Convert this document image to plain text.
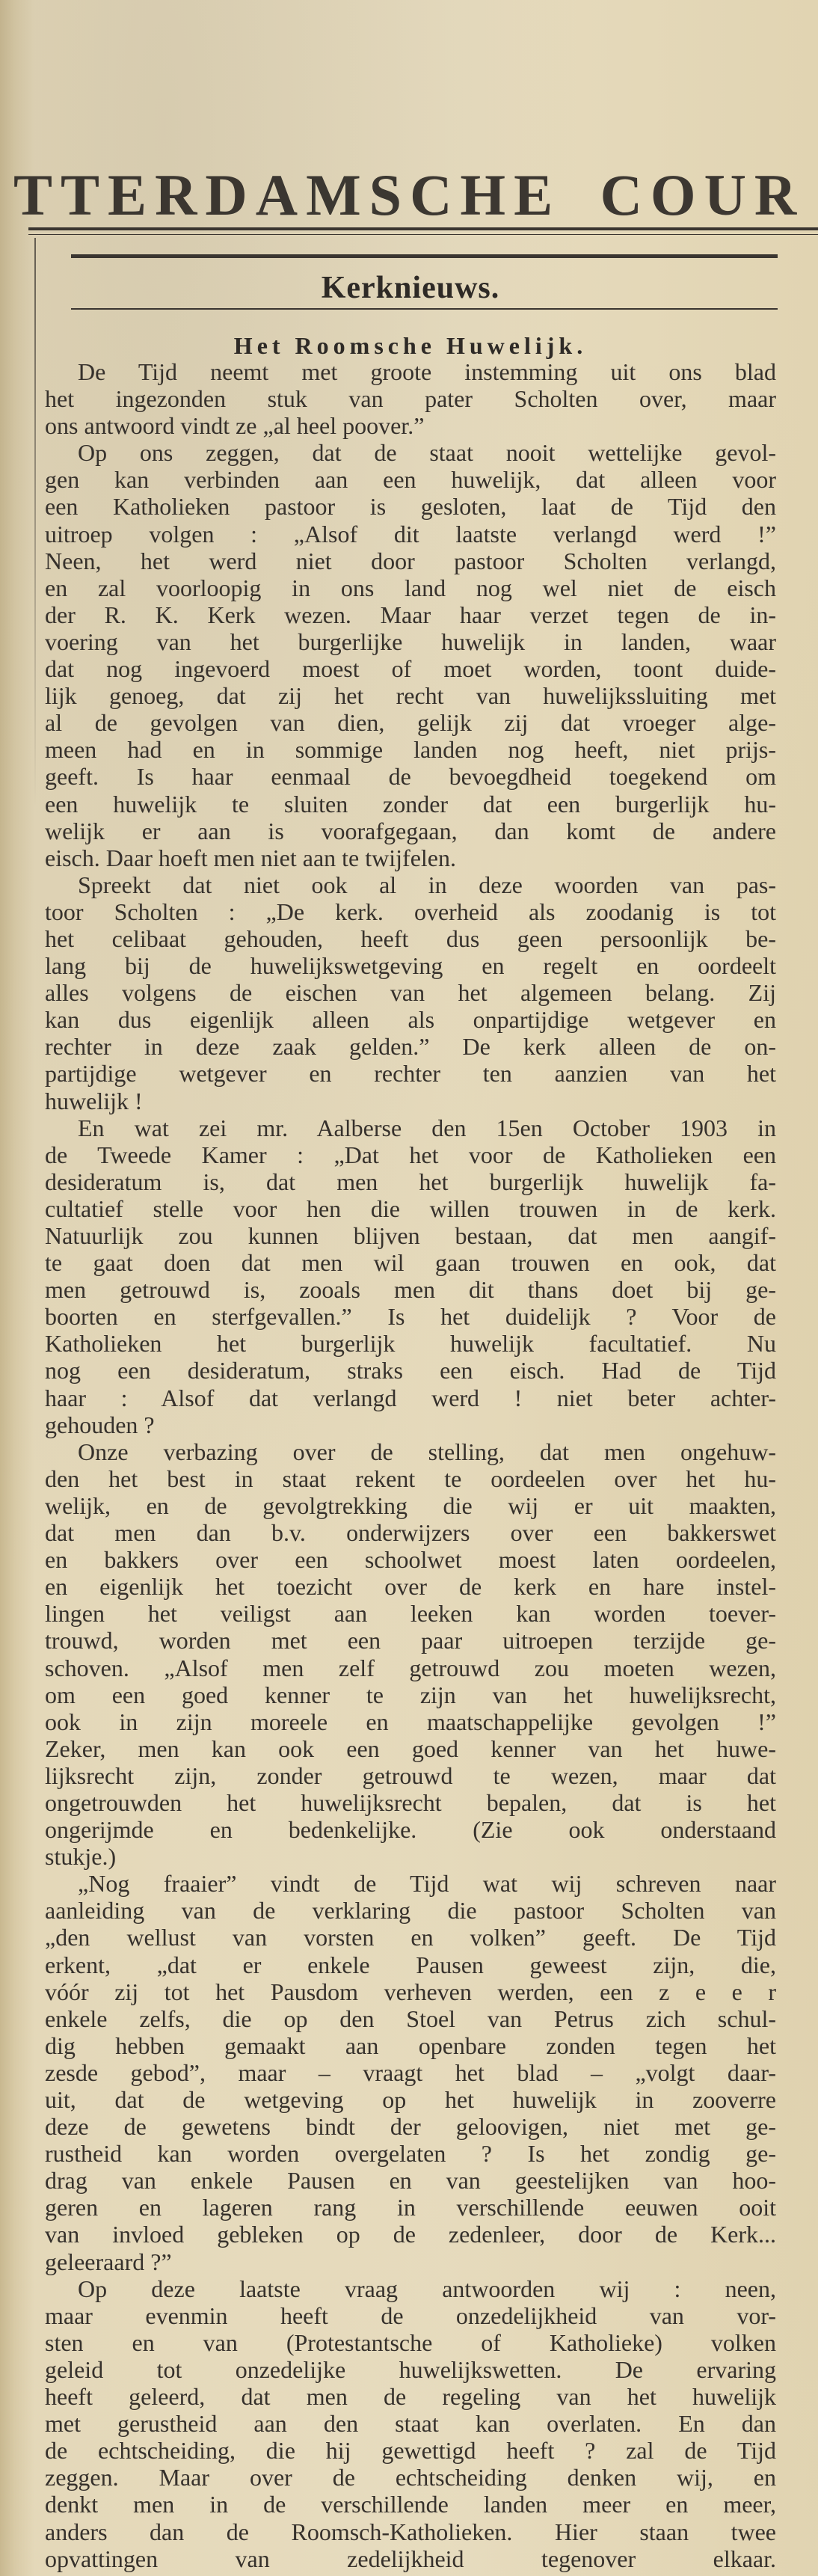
TTERDAMSCHE COUR
Kerknieuws.
Het Roomsche Huwelijk.
De Tijd neemt met groote instemming uit ons blad
het ingezonden stuk van pater Scholten over, maar
ons antwoord vindt ze „al heel poover.”
Op ons zeggen, dat de staat nooit wettelijke gevol-
gen kan verbinden aan een huwelijk, dat alleen voor
een Katholieken pastoor is gesloten, laat de Tijd den
uitroep volgen : „Alsof dit laatste verlangd werd !”
Neen, het werd niet door pastoor Scholten verlangd,
en zal voorloopig in ons land nog wel niet de eisch
der R. K. Kerk wezen. Maar haar verzet tegen de in-
voering van het burgerlijke huwelijk in landen, waar
dat nog ingevoerd moest of moet worden, toont duide-
lijk genoeg, dat zij het recht van huwelijkssluiting met
al de gevolgen van dien, gelijk zij dat vroeger alge-
meen had en in sommige landen nog heeft, niet prijs-
geeft. Is haar eenmaal de bevoegdheid toegekend om
een huwelijk te sluiten zonder dat een burgerlijk hu-
welijk er aan is voorafgegaan, dan komt de andere
eisch. Daar hoeft men niet aan te twijfelen.
Spreekt dat niet ook al in deze woorden van pas-
toor Scholten : „De kerk. overheid als zoodanig is tot
het celibaat gehouden, heeft dus geen persoonlijk be-
lang bij de huwelijkswetgeving en regelt en oordeelt
alles volgens de eischen van het algemeen belang. Zij
kan dus eigenlijk alleen als onpartijdige wetgever en
rechter in deze zaak gelden.” De kerk alleen de on-
partijdige wetgever en rechter ten aanzien van het
huwelijk !
En wat zei mr. Aalberse den 15en October 1903 in
de Tweede Kamer : „Dat het voor de Katholieken een
desideratum is, dat men het burgerlijk huwelijk fa-
cultatief stelle voor hen die willen trouwen in de kerk.
Natuurlijk zou kunnen blijven bestaan, dat men aangif-
te gaat doen dat men wil gaan trouwen en ook, dat
men getrouwd is, zooals men dit thans doet bij ge-
boorten en sterfgevallen.” Is het duidelijk ? Voor de
Katholieken het burgerlijk huwelijk facultatief. Nu
nog een desideratum, straks een eisch. Had de Tijd
haar : Alsof dat verlangd werd ! niet beter achter-
gehouden ?
Onze verbazing over de stelling, dat men ongehuw-
den het best in staat rekent te oordeelen over het hu-
welijk, en de gevolgtrekking die wij er uit maakten,
dat men dan b.v. onderwijzers over een bakkerswet
en bakkers over een schoolwet moest laten oordeelen,
en eigenlijk het toezicht over de kerk en hare instel-
lingen het veiligst aan leeken kan worden toever-
trouwd, worden met een paar uitroepen terzijde ge-
schoven. „Alsof men zelf getrouwd zou moeten wezen,
om een goed kenner te zijn van het huwelijksrecht,
ook in zijn moreele en maatschappelijke gevolgen !”
Zeker, men kan ook een goed kenner van het huwe-
lijksrecht zijn, zonder getrouwd te wezen, maar dat
ongetrouwden het huwelijksrecht bepalen, dat is het
ongerijmde en bedenkelijke. (Zie ook onderstaand
stukje.)
„Nog fraaier” vindt de Tijd wat wij schreven naar
aanleiding van de verklaring die pastoor Scholten van
„den wellust van vorsten en volken” geeft. De Tijd
erkent, „dat er enkele Pausen geweest zijn, die,
vóór zij tot het Pausdom verheven werden, een z e e r
enkele zelfs, die op den Stoel van Petrus zich schul-
dig hebben gemaakt aan openbare zonden tegen het
zesde gebod”, maar – vraagt het blad – „volgt daar-
uit, dat de wetgeving op het huwelijk in zooverre
deze de gewetens bindt der geloovigen, niet met ge-
rustheid kan worden overgelaten ? Is het zondig ge-
drag van enkele Pausen en van geestelijken van hoo-
geren en lageren rang in verschillende eeuwen ooit
van invloed gebleken op de zedenleer, door de Kerk...
geleeraard ?”
Op deze laatste vraag antwoorden wij : neen,
maar evenmin heeft de onzedelijkheid van vor-
sten en van (Protestantsche of Katholieke) volken
geleid tot onzedelijke huwelijkswetten. De ervaring
heeft geleerd, dat men de regeling van het huwelijk
met gerustheid aan den staat kan overlaten. En dan
de echtscheiding, die hij gewettigd heeft ? zal de Tijd
zeggen. Maar over de echtscheiding denken wij, en
denkt men in de verschillende landen meer en meer,
anders dan de Roomsch-Katholieken. Hier staan twee
opvattingen van zedelijkheid tegenover elkaar.
